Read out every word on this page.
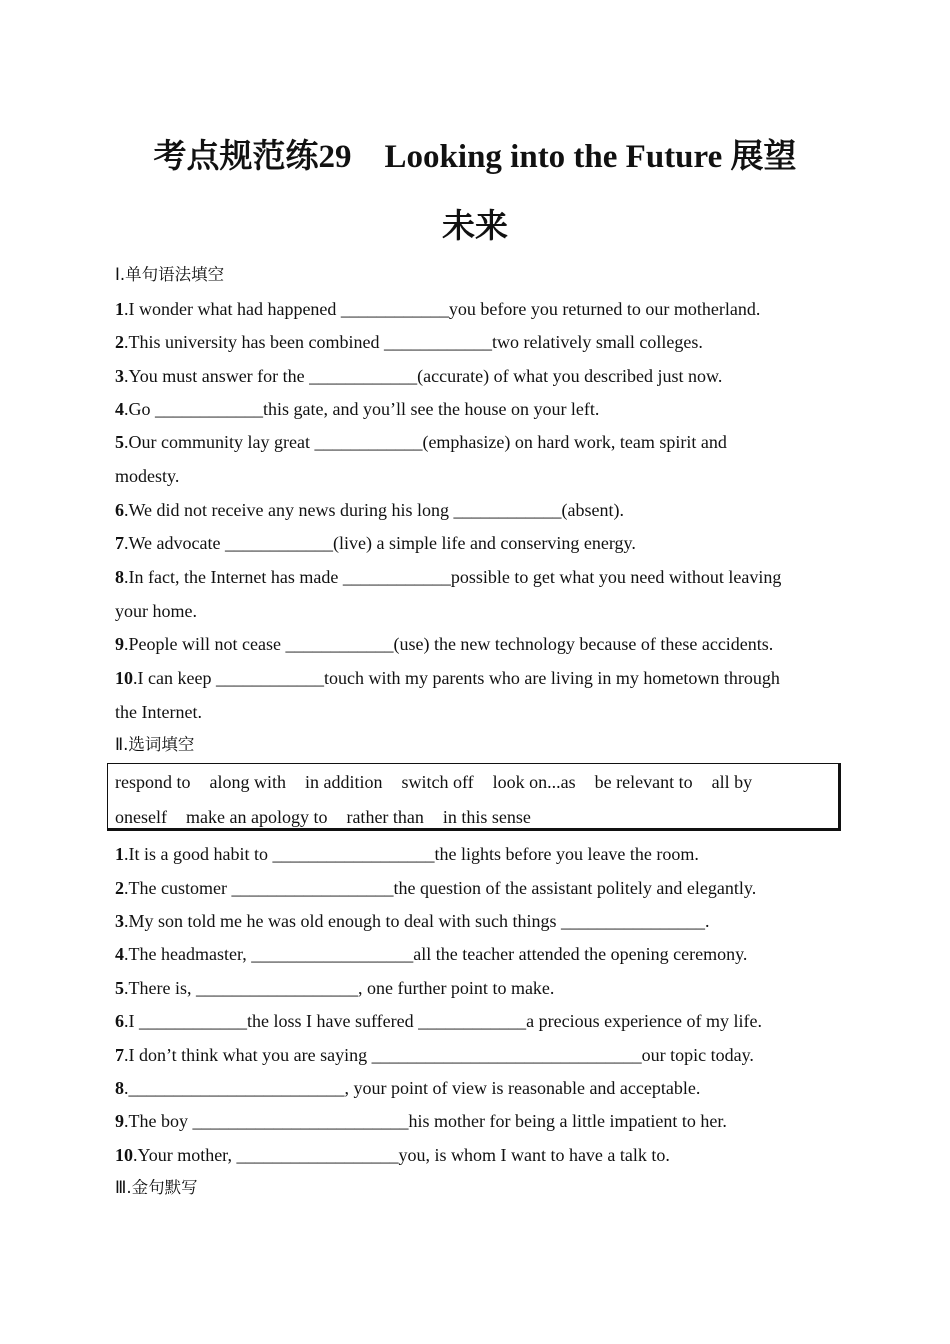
考点规范练29　Looking into the Future 展望
未来
Ⅰ.单句语法填空
1.I wonder what had happened ____________you before you returned to our motherland.
2.This university has been combined ____________two relatively small colleges.
3.You must answer for the ____________(accurate) of what you described just now.
4.Go ____________this gate, and you’ll see the house on your left.
5.Our community lay great ____________(emphasize) on hard work, team spirit and
modesty.
6.We did not receive any news during his long ____________(absent).
7.We advocate ____________(live) a simple life and conserving energy.
8.In fact, the Internet has made ____________possible to get what you need without leaving
your home.
9.People will not cease ____________(use) the new technology because of these accidents.
10.I can keep ____________touch with my parents who are living in my hometown through
the Internet.
Ⅱ.选词填空
respond to along with in addition switch off look on...as be relevant to all by
oneself make an apology to rather than in this sense
1.It is a good habit to __________________the lights before you leave the room.
2.The customer __________________the question of the assistant politely and elegantly.
3.My son told me he was old enough to deal with such things ________________.
4.The headmaster, __________________all the teacher attended the opening ceremony.
5.There is, __________________, one further point to make.
6.I ____________the loss I have suffered ____________a precious experience of my life.
7.I don’t think what you are saying ______________________________our topic today.
8.________________________, your point of view is reasonable and acceptable.
9.The boy ________________________his mother for being a little impatient to her.
10.Your mother, __________________you, is whom I want to have a talk to.
Ⅲ.金句默写
